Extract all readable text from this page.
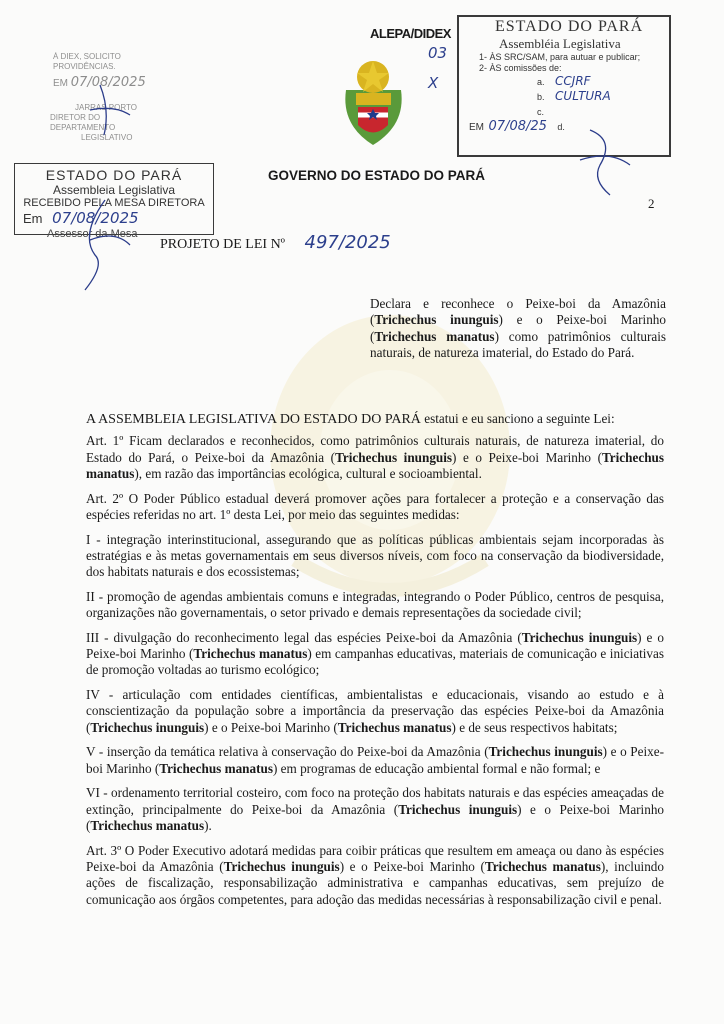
À DIEX, SOLICITO
PROVIDÊNCIAS.
EM 07/08/2025
JARRAS PORTO
DIRETOR DO DEPARTAMENTO
LEGISLATIVO
ESTADO DO PARÁ
Assembleia Legislativa
RECEBIDO PELA MESA DIRETORA
Em 07/08/2025
Assessor da Mesa
ALEPA/DIDEX
03
X
ESTADO DO PARÁ
Assembléia Legislativa
1- ÀS SRC/SAM, para autuar e publicar;
2- ÀS comissões de:
a. CCJRF
b. CULTURA
c.
EM 07/08/25 d.
GOVERNO DO ESTADO DO PARÁ
2
PROJETO DE LEI Nº 497/2025
Declara e reconhece o Peixe-boi da Amazônia (Trichechus inunguis) e o Peixe-boi Marinho (Trichechus manatus) como patrimônios culturais naturais, de natureza imaterial, do Estado do Pará.

A ASSEMBLEIA LEGISLATIVA DO ESTADO DO PARÁ estatui e eu sanciono a seguinte Lei:

Art. 1º Ficam declarados e reconhecidos, como patrimônios culturais naturais, de natureza imaterial, do Estado do Pará, o Peixe-boi da Amazônia (Trichechus inunguis) e o Peixe-boi Marinho (Trichechus manatus), em razão das importâncias ecológica, cultural e socioambiental.

Art. 2º O Poder Público estadual deverá promover ações para fortalecer a proteção e a conservação das espécies referidas no art. 1º desta Lei, por meio das seguintes medidas:

I - integração interinstitucional, assegurando que as políticas públicas ambientais sejam incorporadas às estratégias e às metas governamentais em seus diversos níveis, com foco na conservação da biodiversidade, dos habitats naturais e dos ecossistemas;

II - promoção de agendas ambientais comuns e integradas, integrando o Poder Público, centros de pesquisa, organizações não governamentais, o setor privado e demais representações da sociedade civil;

III - divulgação do reconhecimento legal das espécies Peixe-boi da Amazônia (Trichechus inunguis) e o Peixe-boi Marinho (Trichechus manatus) em campanhas educativas, materiais de comunicação e iniciativas de promoção voltadas ao turismo ecológico;

IV - articulação com entidades científicas, ambientalistas e educacionais, visando ao estudo e à conscientização da população sobre a importância da preservação das espécies Peixe-boi da Amazônia (Trichechus inunguis) e o Peixe-boi Marinho (Trichechus manatus) e de seus respectivos habitats;

V - inserção da temática relativa à conservação do Peixe-boi da Amazônia (Trichechus inunguis) e o Peixe-boi Marinho (Trichechus manatus) em programas de educação ambiental formal e não formal; e

VI - ordenamento territorial costeiro, com foco na proteção dos habitats naturais e das espécies ameaçadas de extinção, principalmente do Peixe-boi da Amazônia (Trichechus inunguis) e o Peixe-boi Marinho (Trichechus manatus).

Art. 3º O Poder Executivo adotará medidas para coibir práticas que resultem em ameaça ou dano às espécies Peixe-boi da Amazônia (Trichechus inunguis) e o Peixe-boi Marinho (Trichechus manatus), incluindo ações de fiscalização, responsabilização administrativa e campanhas educativas, sem prejuízo de comunicação aos órgãos competentes, para adoção das medidas necessárias à responsabilização civil e penal.
